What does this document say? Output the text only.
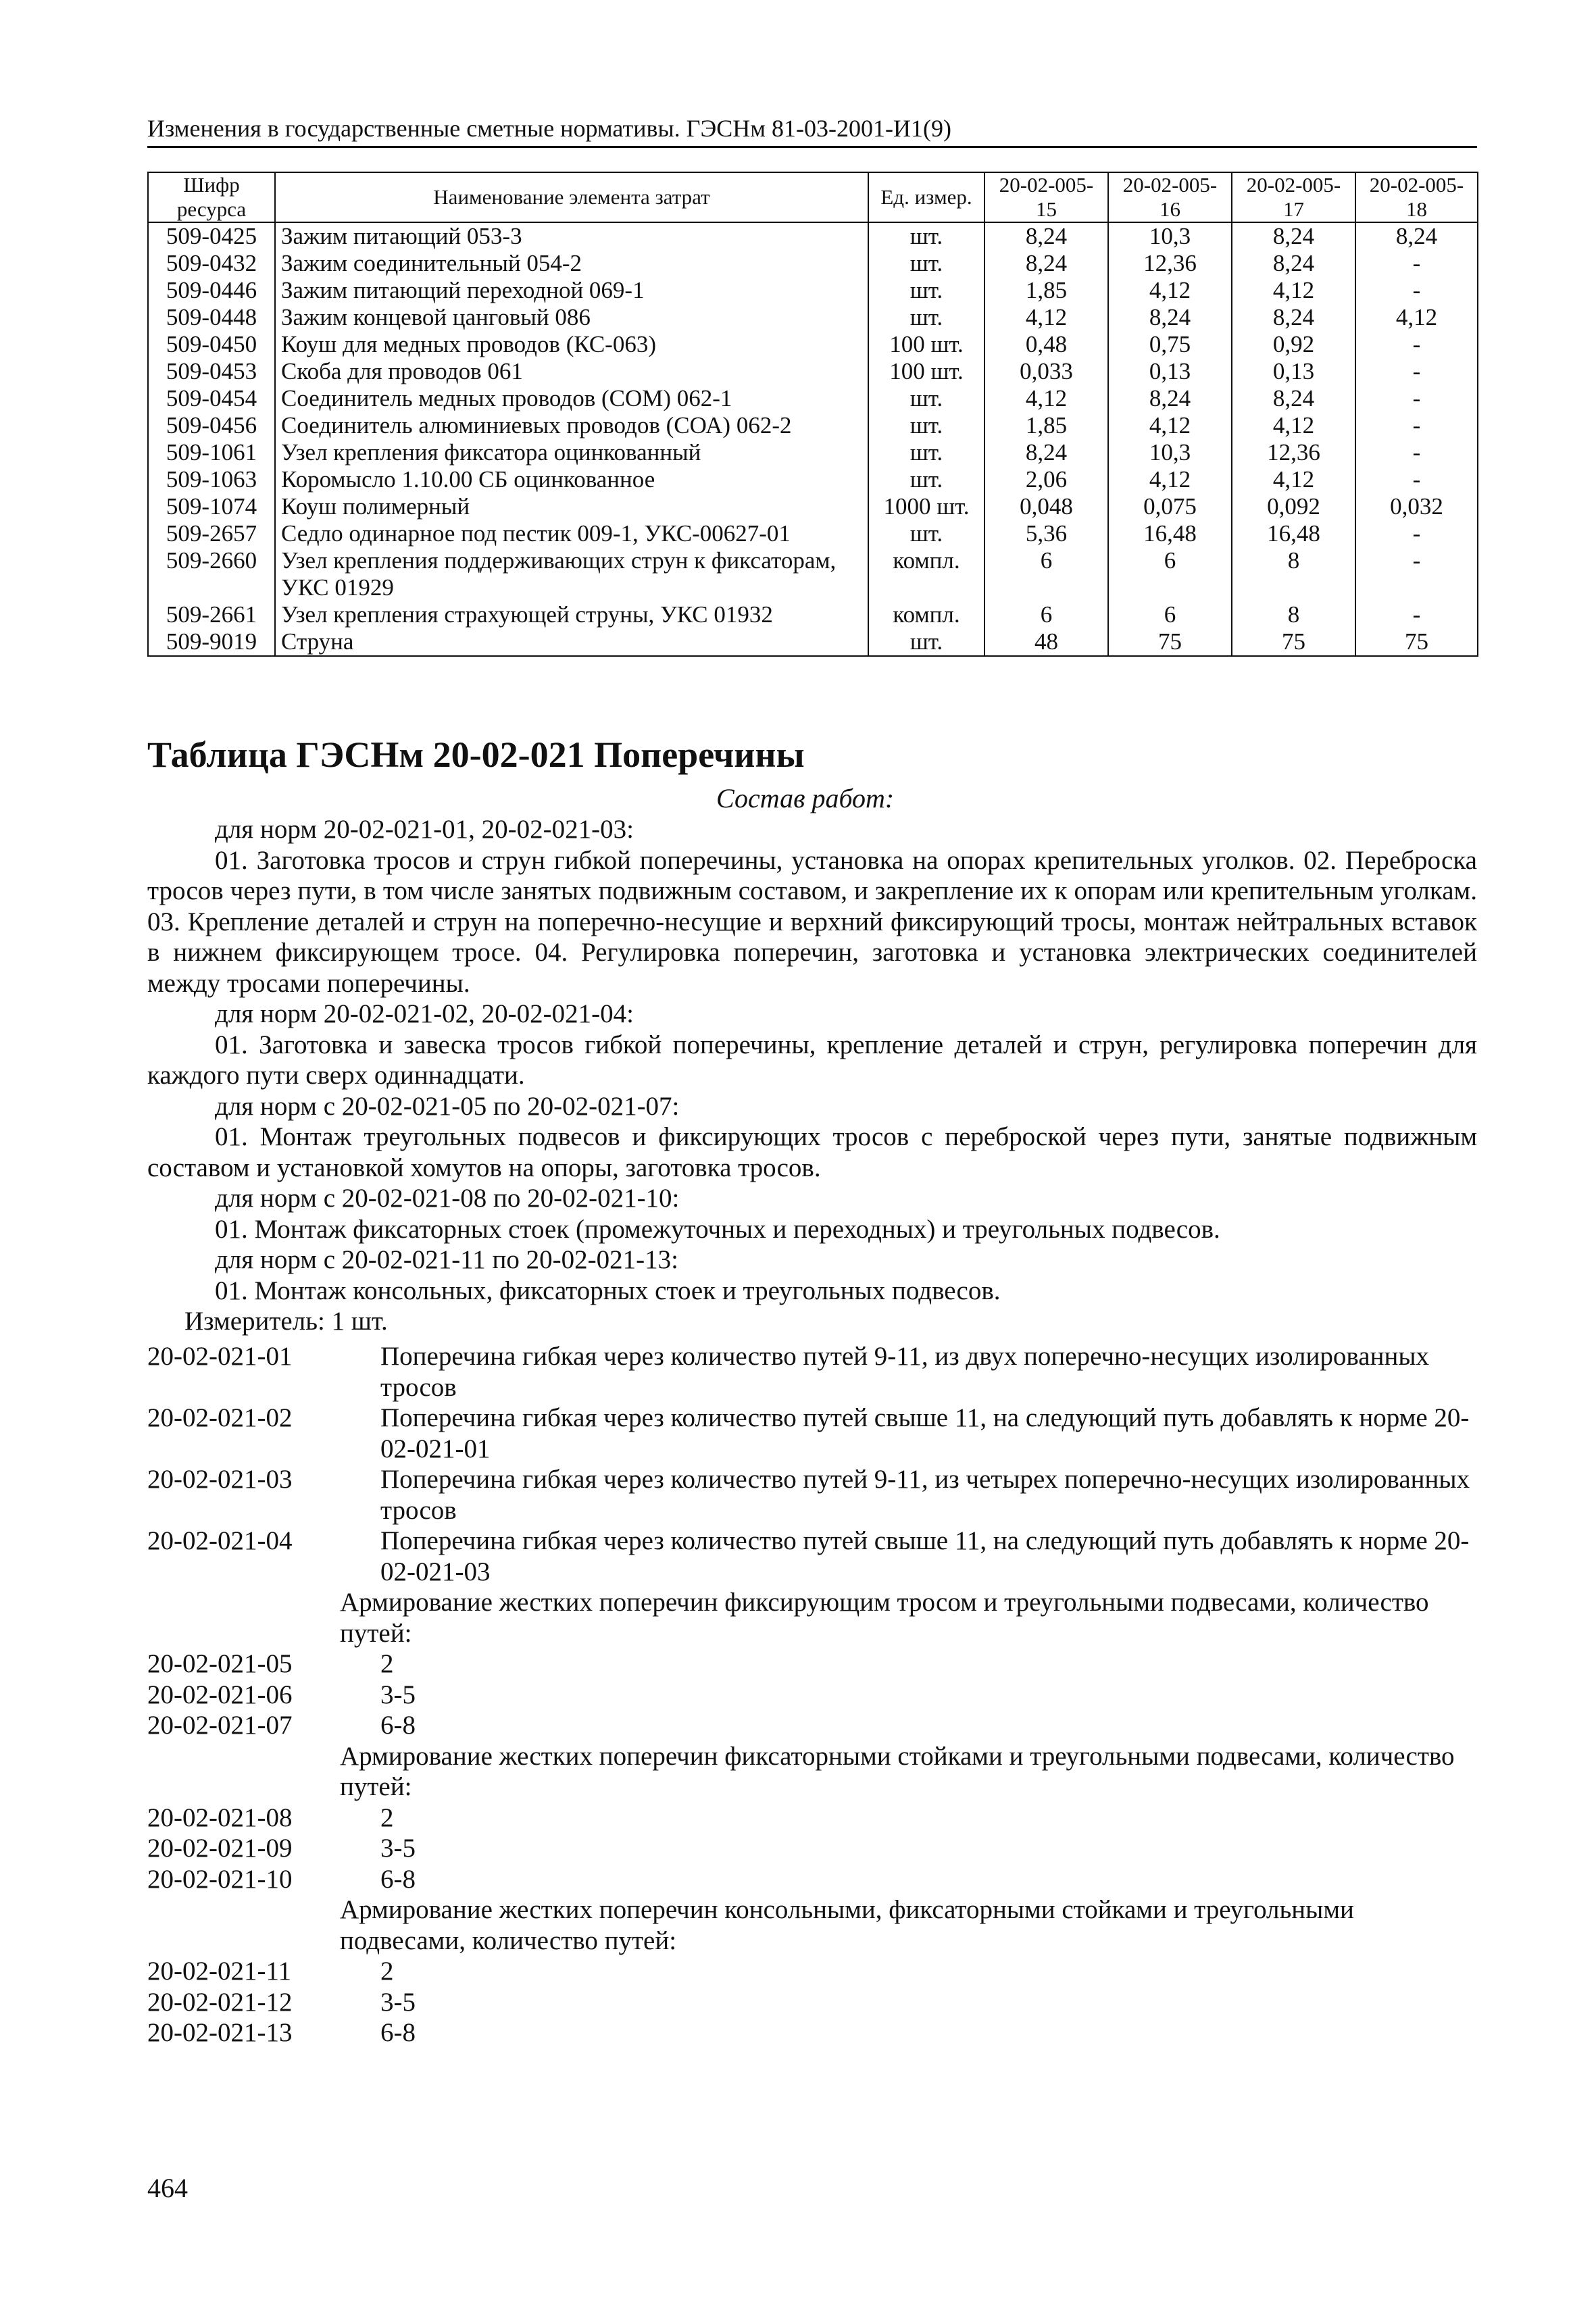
Изменения в государственные сметные нормативы. ГЭСНм 81-03-2001-И1(9)
Шифр ресурса	Наименование элемента затрат	Ед. измер.	20-02-005-15	20-02-005-16	20-02-005-17	20-02-005-18
509-0425	Зажим питающий 053-3	шт.	8,24	10,3	8,24	8,24
509-0432	Зажим соединительный 054-2	шт.	8,24	12,36	8,24	-
509-0446	Зажим питающий переходной 069-1	шт.	1,85	4,12	4,12	-
509-0448	Зажим концевой цанговый 086	шт.	4,12	8,24	8,24	4,12
509-0450	Коуш для медных проводов (КС-063)	100 шт.	0,48	0,75	0,92	-
509-0453	Скоба для проводов 061	100 шт.	0,033	0,13	0,13	-
509-0454	Соединитель медных проводов (СОМ) 062-1	шт.	4,12	8,24	8,24	-
509-0456	Соединитель алюминиевых проводов (СОА) 062-2	шт.	1,85	4,12	4,12	-
509-1061	Узел крепления фиксатора оцинкованный	шт.	8,24	10,3	12,36	-
509-1063	Коромысло 1.10.00 СБ оцинкованное	шт.	2,06	4,12	4,12	-
509-1074	Коуш полимерный	1000 шт.	0,048	0,075	0,092	0,032
509-2657	Седло одинарное под пестик 009-1, УКС-00627-01	шт.	5,36	16,48	16,48	-
509-2660	Узел крепления поддерживающих струн к фиксаторам, УКС 01929	компл.	6	6	8	-
509-2661	Узел крепления страхующей струны, УКС 01932	компл.	6	6	8	-
509-9019	Струна	шт.	48	75	75	75
Таблица ГЭСНм 20-02-021 Поперечины
Состав работ:

для норм 20-02-021-01, 20-02-021-03:

01. Заготовка тросов и струн гибкой поперечины, установка на опорах крепительных уголков. 02. Переброска тросов через пути, в том числе занятых подвижным составом, и закрепление их к опорам или крепительным уголкам. 03. Крепление деталей и струн на поперечно-несущие и верхний фиксирующий тросы, монтаж нейтральных вставок в нижнем фиксирующем тросе. 04. Регулировка поперечин, заготовка и установка электрических соединителей между тросами поперечины.

для норм 20-02-021-02, 20-02-021-04:

01. Заготовка и завеска тросов гибкой поперечины, крепление деталей и струн, регулировка поперечин для каждого пути сверх одиннадцати.

для норм с 20-02-021-05 по 20-02-021-07:

01. Монтаж треугольных подвесов и фиксирующих тросов с переброской через пути, занятые подвижным составом и установкой хомутов на опоры, заготовка тросов.

для норм с 20-02-021-08 по 20-02-021-10:

01. Монтаж фиксаторных стоек (промежуточных и переходных) и треугольных подвесов.

для норм с 20-02-021-11 по 20-02-021-13:

01. Монтаж консольных, фиксаторных стоек и треугольных подвесов.

Измеритель: 1 шт.

20-02-021-01	Поперечина гибкая через количество путей 9-11, из двух поперечно-несущих изолированных тросов
20-02-021-02	Поперечина гибкая через количество путей свыше 11, на следующий путь добавлять к норме 20-02-021-01
20-02-021-03	Поперечина гибкая через количество путей 9-11, из четырех поперечно-несущих изолированных тросов
20-02-021-04	Поперечина гибкая через количество путей свыше 11, на следующий путь добавлять к норме 20-02-021-03
Армирование жестких поперечин фиксирующим тросом и треугольными подвесами, количество путей:
20-02-021-05	2
20-02-021-06	3-5
20-02-021-07	6-8
Армирование жестких поперечин фиксаторными стойками и треугольными подвесами, количество путей:
20-02-021-08	2
20-02-021-09	3-5
20-02-021-10	6-8
Армирование жестких поперечин консольными, фиксаторными стойками и треугольными подвесами, количество путей:
20-02-021-11	2
20-02-021-12	3-5
20-02-021-13	6-8
464
